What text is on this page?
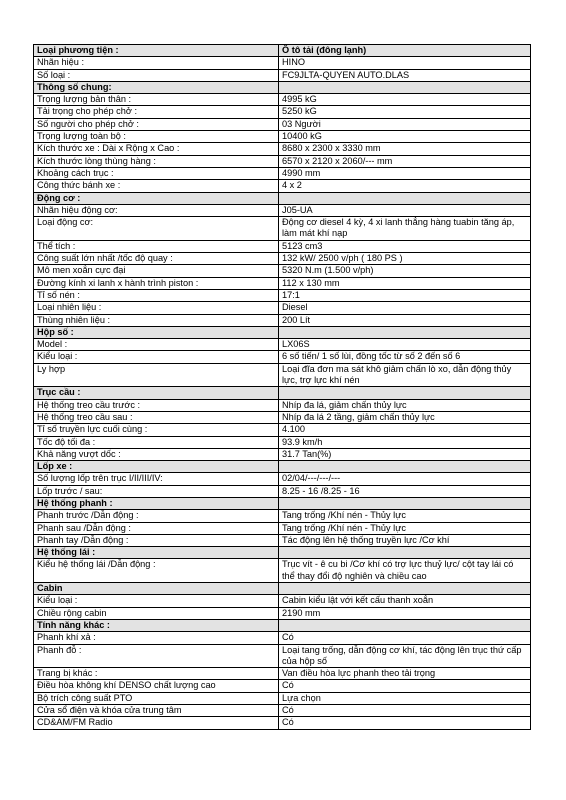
Loại phương tiện :	Ô tô tải (đông lạnh)
Nhãn hiệu :	HINO
Số loại :	FC9JLTA-QUYEN AUTO.DLAS
Thông số chung:	
Trọng lượng bản thân :	4995 kG
Tải trọng cho phép chở :	5250 kG
Số người cho phép chở :	03 Người
Trọng lượng toàn bộ :	10400 kG
Kích thước xe : Dài x Rộng x Cao :	8680 x 2300 x 3330 mm
Kích thước lòng thùng hàng :	6570 x 2120 x 2060/--- mm
Khoảng cách trục :	4990 mm
Công thức bánh xe :	4 x 2
Động cơ :	
Nhãn hiệu động cơ:	J05-UA
Loại động cơ:	Động cơ diesel 4 kỳ, 4 xi lanh thẳng hàng tuabin tăng áp, làm mát khí nạp
Thể tích :	5123 cm3
Công suất lớn nhất /tốc độ quay :	132 kW/ 2500 v/ph ( 180 PS )
Mô men xoắn cực đại	5320 N.m (1.500 v/ph)
Đường kính xi lanh x hành trình piston :	112 x 130 mm
Tỉ số nén :	17:1
Loại nhiên liệu :	Diesel
Thùng nhiên liệu :	200 Lít
Hộp số :	
Model :	LX06S
Kiểu loại :	6 số tiến/ 1 số lùi, đồng tốc từ số 2 đến số 6
Ly hợp	Loại đĩa đơn ma sát khô giảm chấn lò xo, dẫn động thủy lực, trợ lực khí nén
Trục cầu :	
Hệ thống treo cầu trước :	Nhíp đa lá, giảm chấn thủy lực
Hệ thống treo cầu sau :	Nhíp đa lá 2 tầng, giảm chấn thủy lực
Tỉ số truyền lực cuối cùng :	4.100
Tốc độ tối đa :	93.9 km/h
Khả năng vượt dốc :	31.7 Tan(%)
Lốp xe :	
Số lượng lốp trên trục I/II/III/IV:	02/04/---/---/---
Lốp trước / sau:	8.25 - 16 /8.25 - 16
Hệ thống phanh :	
Phanh trước /Dẫn động :	Tang trống /Khí nén - Thủy lực
Phanh sau /Dẫn động :	Tang trống /Khí nén - Thủy lực
Phanh tay /Dẫn động :	Tác động lên hệ thống truyền lực /Cơ khí
Hệ thống lái :	
Kiểu hệ thống lái /Dẫn động :	Trục vít - ê cu bi /Cơ khí có trợ lực thuỷ lực/ cột tay lái có thể thay đổi độ nghiên và chiều cao
Cabin	
Kiểu loại :	Cabin kiểu lật với kết cấu thanh xoắn
Chiều rộng cabin	2190 mm
Tính năng khác :	
Phanh khí xả :	Có
Phanh đỗ :	Loại tang trống, dẫn động cơ khí, tác động lên trục thứ cấp của hộp số
Trang bị khác :	Van điều hòa lực phanh theo tải trọng
Điều hòa không khí DENSO chất lượng cao	Có
Bộ trích công suất PTO	Lựa chọn
Cửa sổ điện và khóa cửa trung tâm	Có
CD&AM/FM Radio	Có
